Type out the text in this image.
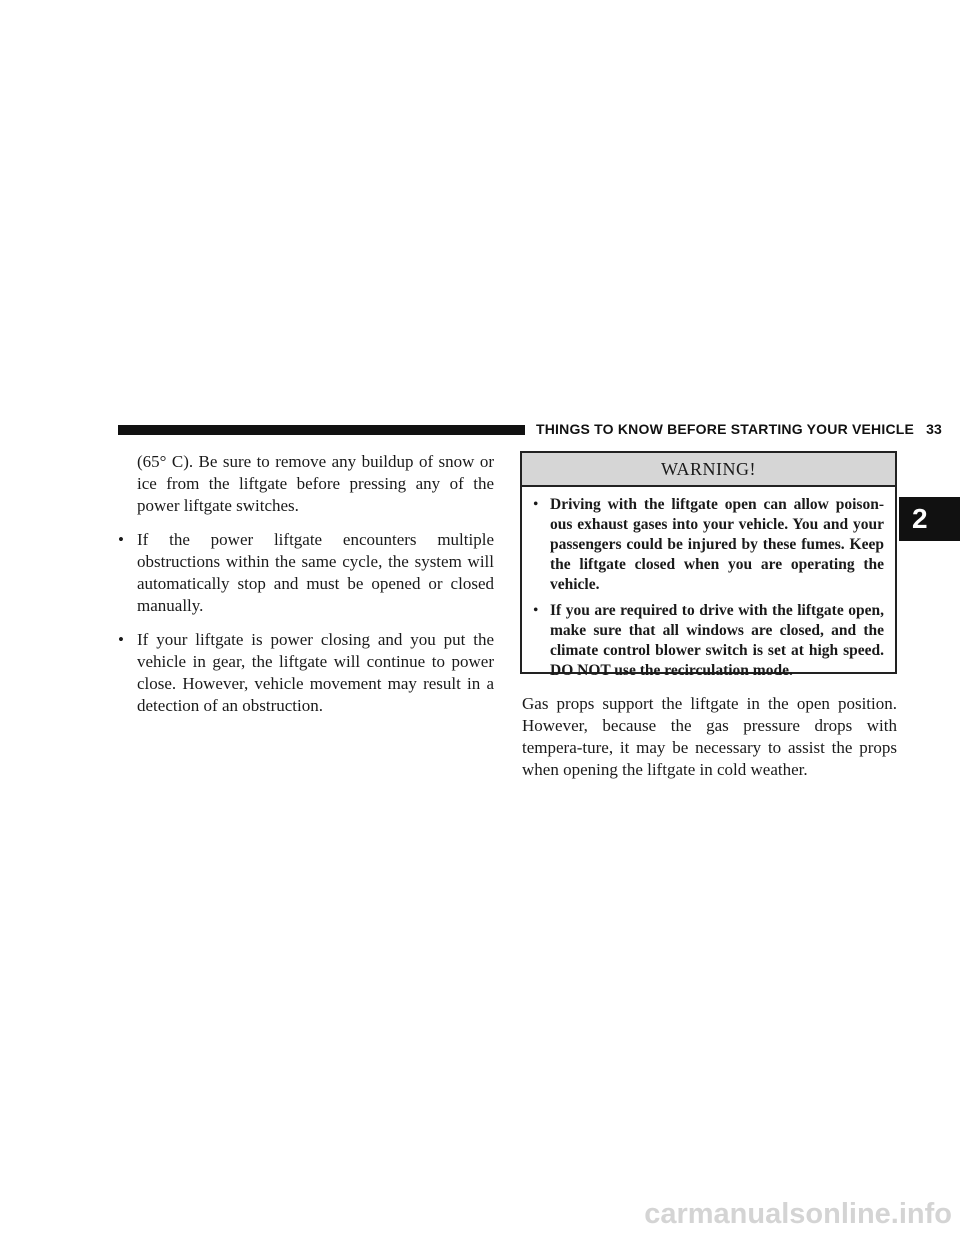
THINGS TO KNOW BEFORE STARTING YOUR VEHICLE 33
2

(65° C). Be sure to remove any buildup of snow or ice from the liftgate before pressing any of the power liftgate switches.

• If the power liftgate encounters multiple obstructions within the same cycle, the system will automatically stop and must be opened or closed manually.

• If your liftgate is power closing and you put the vehicle in gear, the liftgate will continue to power close. However, vehicle movement may result in a detection of an obstruction.

WARNING!

• Driving with the liftgate open can allow poison-ous exhaust gases into your vehicle. You and your passengers could be injured by these fumes. Keep the liftgate closed when you are operating the vehicle.

• If you are required to drive with the liftgate open, make sure that all windows are closed, and the climate control blower switch is set at high speed. DO NOT use the recirculation mode.

Gas props support the liftgate in the open position. However, because the gas pressure drops with tempera-ture, it may be necessary to assist the props when opening the liftgate in cold weather.

carmanualsonline.info
